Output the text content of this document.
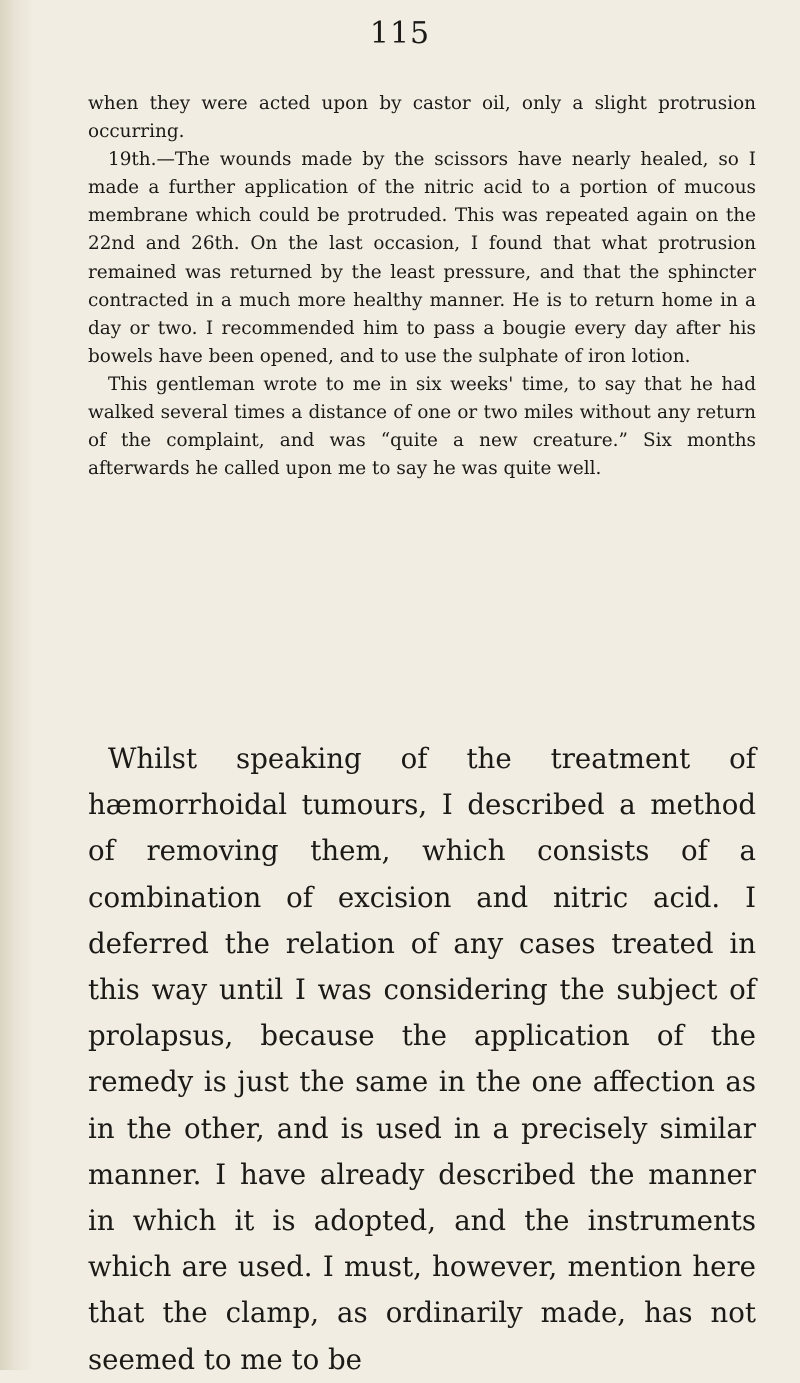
115

when they were acted upon by castor oil, only a slight protrusion occurring.

19th.—The wounds made by the scissors have nearly healed, so I made a further application of the nitric acid to a portion of mucous membrane which could be protruded. This was repeated again on the 22nd and 26th. On the last occasion, I found that what protrusion remained was returned by the least pressure, and that the sphincter contracted in a much more healthy manner. He is to return home in a day or two. I recommended him to pass a bougie every day after his bowels have been opened, and to use the sulphate of iron lotion.

This gentleman wrote to me in six weeks' time, to say that he had walked several times a distance of one or two miles without any return of the complaint, and was “quite a new creature.” Six months afterwards he called upon me to say he was quite well.

Whilst speaking of the treatment of hæmorrhoidal tumours, I described a method of removing them, which consists of a combination of excision and nitric acid. I deferred the relation of any cases treated in this way until I was considering the subject of prolapsus, because the application of the remedy is just the same in the one affection as in the other, and is used in a precisely similar manner. I have already described the manner in which it is adopted, and the instruments which are used. I must, however, mention here that the clamp, as ordinarily made, has not seemed to me to be
